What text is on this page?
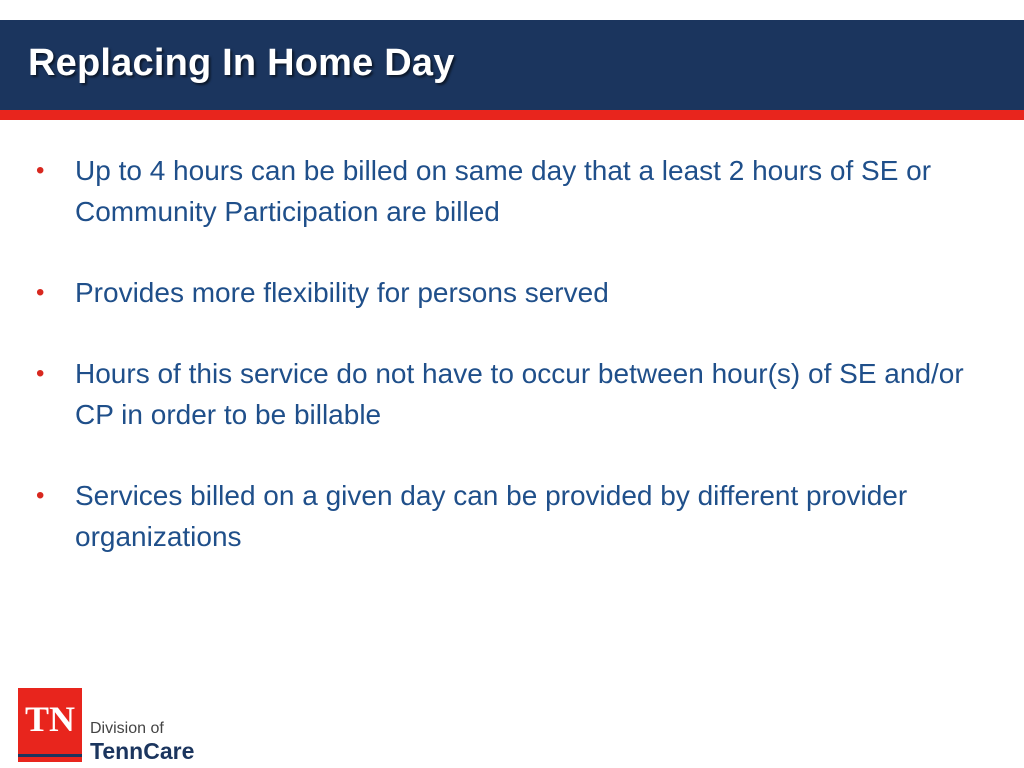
Replacing In Home Day
• Up to 4 hours can be billed on same day that a least 2 hours of SE or Community Participation are billed
• Provides more flexibility for persons served
• Hours of this service do not have to occur between hour(s) of SE and/or CP in order to be billable
• Services billed on a given day can be provided by different provider organizations
TN Division of
TennCare
